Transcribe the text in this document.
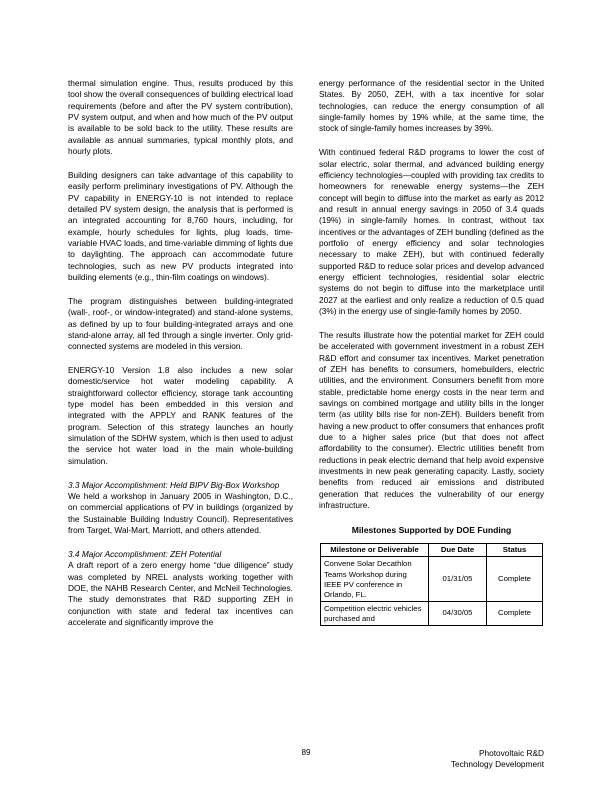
thermal simulation engine. Thus, results produced by this tool show the overall consequences of building electrical load requirements (before and after the PV system contribution), PV system output, and when and how much of the PV output is available to be sold back to the utility. These results are available as annual summaries, typical monthly plots, and hourly plots.

Building designers can take advantage of this capability to easily perform preliminary investigations of PV. Although the PV capability in ENERGY-10 is not intended to replace detailed PV system design, the analysis that is performed is an integrated accounting for 8,760 hours, including, for example, hourly schedules for lights, plug loads, time-variable HVAC loads, and time-variable dimming of lights due to daylighting. The approach can accommodate future technologies, such as new PV products integrated into building elements (e.g., thin-film coatings on windows).

The program distinguishes between building-integrated (wall-, roof-, or window-integrated) and stand-alone systems, as defined by up to four building-integrated arrays and one stand-alone array, all fed through a single inverter. Only grid-connected systems are modeled in this version.

ENERGY-10 Version 1.8 also includes a new solar domestic/service hot water modeling capability. A straightforward collector efficiency, storage tank accounting type model has been embedded in this version and integrated with the APPLY and RANK features of the program. Selection of this strategy launches an hourly simulation of the SDHW system, which is then used to adjust the service hot water load in the main whole-building simulation.

3.3 Major Accomplishment: Held BIPV Big-Box Workshop

We held a workshop in January 2005 in Washington, D.C., on commercial applications of PV in buildings (organized by the Sustainable Building Industry Council). Representatives from Target, Wal-Mart, Marriott, and others attended.

3.4 Major Accomplishment: ZEH Potential

A draft report of a zero energy home “due diligence” study was completed by NREL analysts working together with DOE, the NAHB Research Center, and McNeil Technologies. The study demonstrates that R&D supporting ZEH in conjunction with state and federal tax incentives can accelerate and significantly improve the

energy performance of the residential sector in the United States. By 2050, ZEH, with a tax incentive for solar technologies, can reduce the energy consumption of all single-family homes by 19% while, at the same time, the stock of single-family homes increases by 39%.

With continued federal R&D programs to lower the cost of solar electric, solar thermal, and advanced building energy efficiency technologies—coupled with providing tax credits to homeowners for renewable energy systems—the ZEH concept will begin to diffuse into the market as early as 2012 and result in annual energy savings in 2050 of 3.4 quads (19%) in single-family homes. In contrast, without tax incentives or the advantages of ZEH bundling (defined as the portfolio of energy efficiency and solar technologies necessary to make ZEH), but with continued federally supported R&D to reduce solar prices and develop advanced energy efficient technologies, residential solar electric systems do not begin to diffuse into the marketplace until 2027 at the earliest and only realize a reduction of 0.5 quad (3%) in the energy use of single-family homes by 2050.

The results illustrate how the potential market for ZEH could be accelerated with government investment in a robust ZEH R&D effort and consumer tax incentives. Market penetration of ZEH has benefits to consumers, homebuilders, electric utilities, and the environment. Consumers benefit from more stable, predictable home energy costs in the near term and savings on combined mortgage and utility bills in the longer term (as utility bills rise for non-ZEH). Builders benefit from having a new product to offer consumers that enhances profit due to a higher sales price (but that does not affect affordability to the consumer). Electric utilities benefit from reductions in peak electric demand that help avoid expensive investments in new peak generating capacity. Lastly, society benefits from reduced air emissions and distributed generation that reduces the vulnerability of our energy infrastructure.

Milestones Supported by DOE Funding
Milestone or Deliverable	Due Date	Status
Convene Solar Decathlon Teams Workshop during IEEE PV conference in Orlando, FL.	01/31/05	Complete
Competition electric vehicles purchased and	04/30/05	Complete
89	Photovoltaic R&D
Technology Development
